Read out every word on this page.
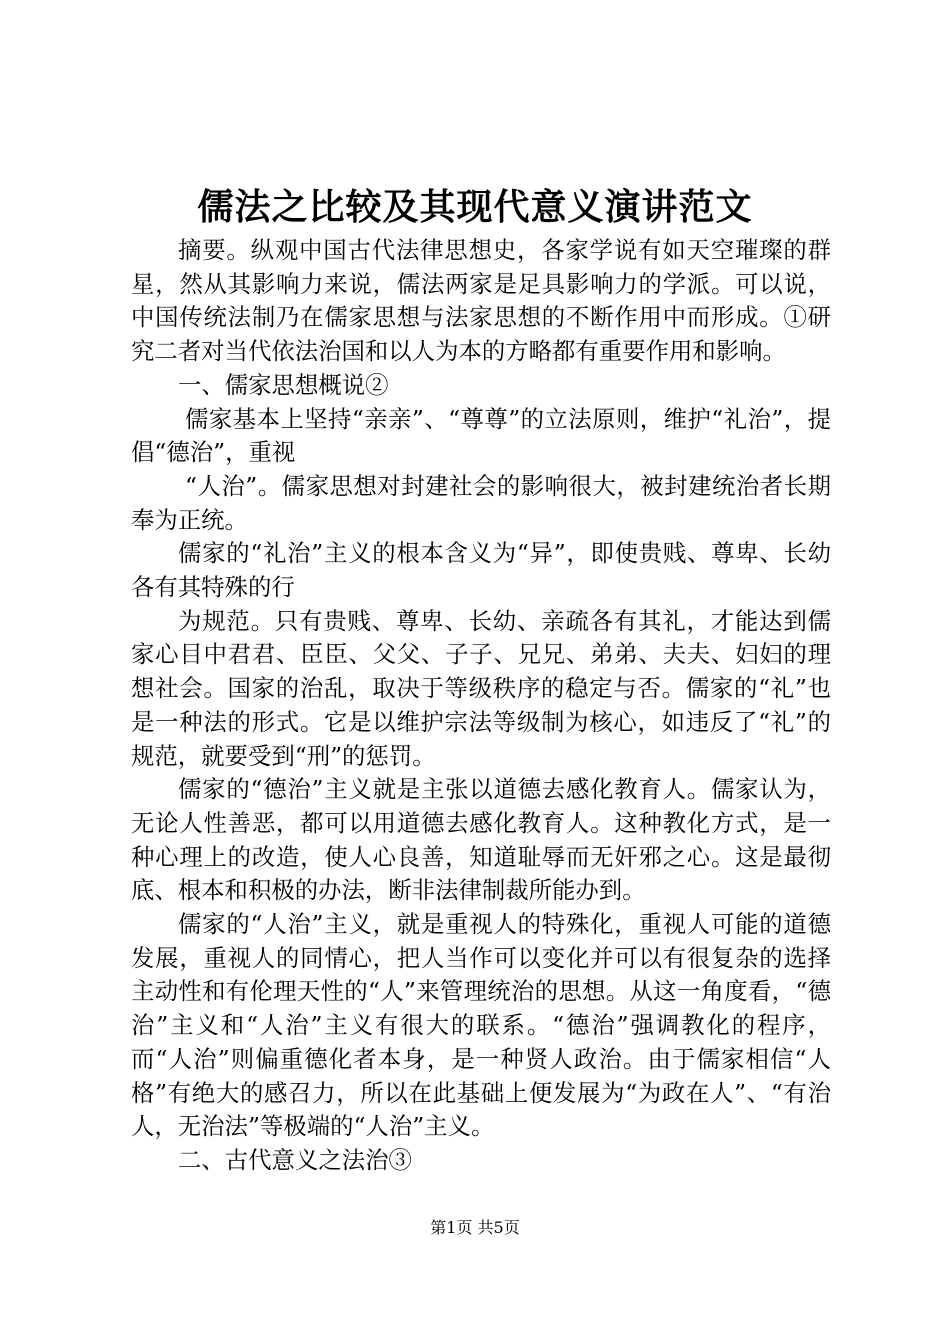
儒法之比较及其现代意义演讲范文

摘要。纵观中国古代法律思想史，各家学说有如天空璀璨的群星，然从其影响力来说，儒法两家是足具影响力的学派。可以说，中国传统法制乃在儒家思想与法家思想的不断作用中而形成。①研究二者对当代依法治国和以人为本的方略都有重要作用和影响。

一、儒家思想概说②

儒家基本上坚持“亲亲”、“尊尊”的立法原则，维护“礼治”，提倡“德治”，重视

“人治”。儒家思想对封建社会的影响很大，被封建统治者长期奉为正统。

儒家的“礼治”主义的根本含义为“异”，即使贵贱、尊卑、长幼各有其特殊的行

为规范。只有贵贱、尊卑、长幼、亲疏各有其礼，才能达到儒家心目中君君、臣臣、父父、子子、兄兄、弟弟、夫夫、妇妇的理想社会。国家的治乱，取决于等级秩序的稳定与否。儒家的“礼”也是一种法的形式。它是以维护宗法等级制为核心，如违反了“礼”的规范，就要受到“刑”的惩罚。

儒家的“德治”主义就是主张以道德去感化教育人。儒家认为，无论人性善恶，都可以用道德去感化教育人。这种教化方式，是一种心理上的改造，使人心良善，知道耻辱而无奸邪之心。这是最彻底、根本和积极的办法，断非法律制裁所能办到。

儒家的“人治”主义，就是重视人的特殊化，重视人可能的道德发展，重视人的同情心，把人当作可以变化并可以有很复杂的选择主动性和有伦理天性的“人”来管理统治的思想。从这一角度看，“德治”主义和“人治”主义有很大的联系。“德治”强调教化的程序，而“人治”则偏重德化者本身，是一种贤人政治。由于儒家相信“人格”有绝大的感召力，所以在此基础上便发展为“为政在人”、“有治人，无治法”等极端的“人治”主义。

二、古代意义之法治③

第1页 共5页
